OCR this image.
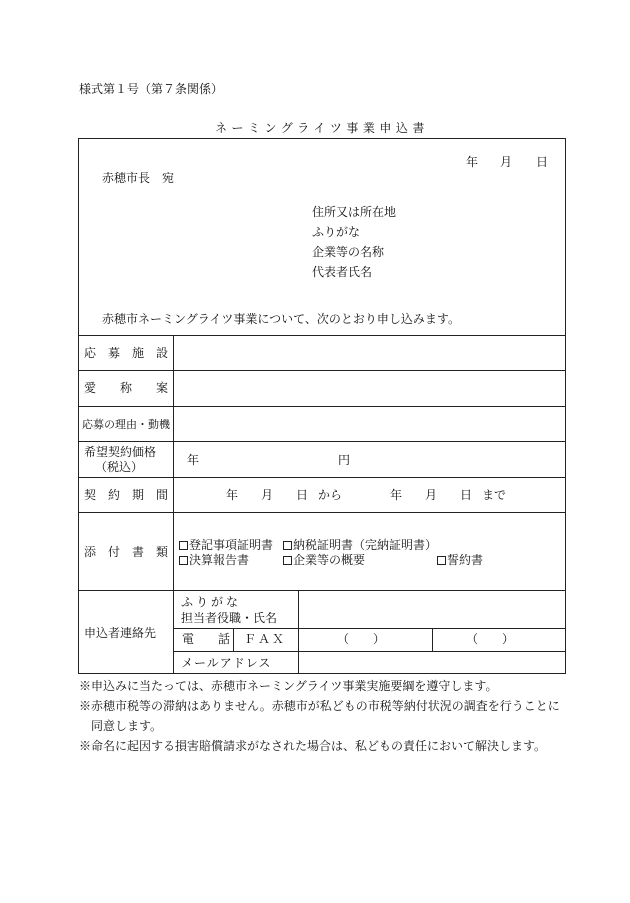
様式第１号（第７条関係）
ネーミングライツ事業申込書
年 月 日
赤穂市長　宛
住所又は所在地
ふりがな
企業等の名称
代表者氏名
赤穂市ネーミングライツ事業について、次のとおり申し込みます。
応　募　施　設
愛　　称　　案
応募の理由・動機
希望契約価格
（税込）	年	円
契　約　期　間	年 月 日 から	年 月 日 まで
添　付　書　類	登記事項証明書	納税証明書（完納証明書）
決算報告書	企業等の概要	誓約書
申込者連絡先
ふりがな
担当者役職・氏名
電　　話 ＦＡＸ	（　　）	（　　）
メールアドレス
※申込みに当たっては、赤穂市ネーミングライツ事業実施要綱を遵守します。
※赤穂市税等の滞納はありません。赤穂市が私どもの市税等納付状況の調査を行うことに
　同意します。
※命名に起因する損害賠償請求がなされた場合は、私どもの責任において解決します。
